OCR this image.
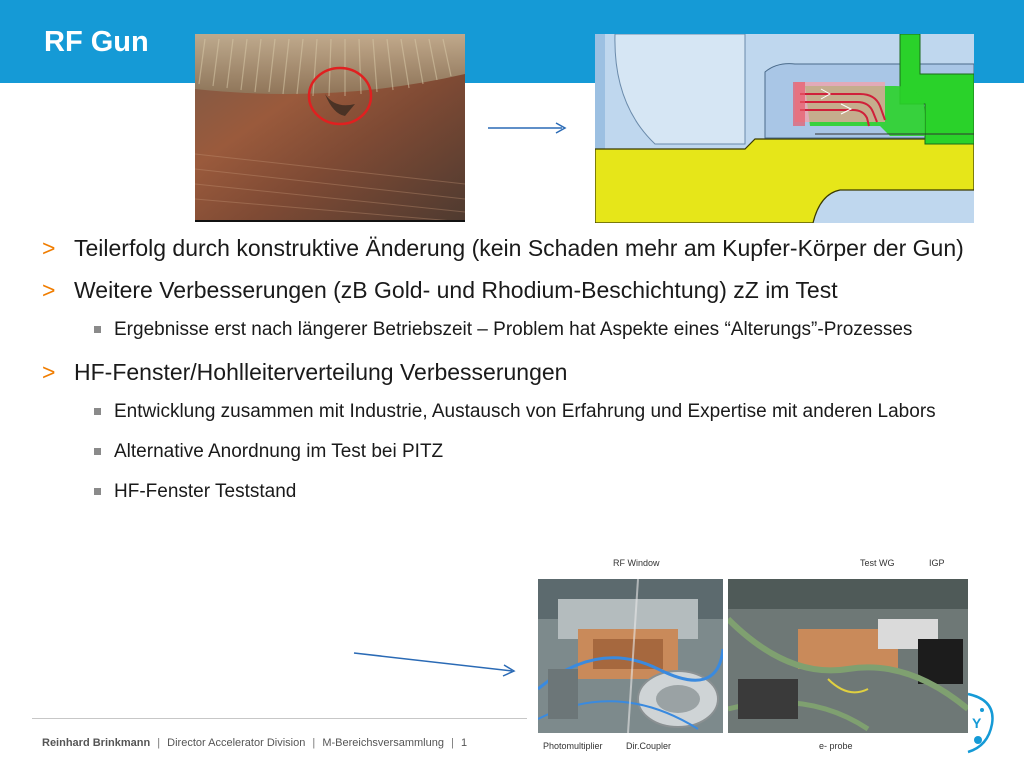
RF Gun
> Teilerfolg durch konstruktive Änderung (kein Schaden mehr am Kupfer-Körper der Gun)
> Weitere Verbesserungen (zB Gold- und Rhodium-Beschichtung) zZ im Test
Ergebnisse erst nach längerer Betriebszeit – Problem hat Aspekte eines “Alterungs”-Prozesses
> HF-Fenster/Hohlleiterverteilung Verbesserungen
Entwicklung zusammen mit Industrie, Austausch von Erfahrung und Expertise mit anderen Labors
Alternative Anordnung im Test bei PITZ
HF-Fenster Teststand
RF Window	Test WG	IGP
Photomultiplier	Dir.Coupler	e- probe
Reinhard Brinkmann | Director Accelerator Division | M-Bereichsversammlung | 1
Y
